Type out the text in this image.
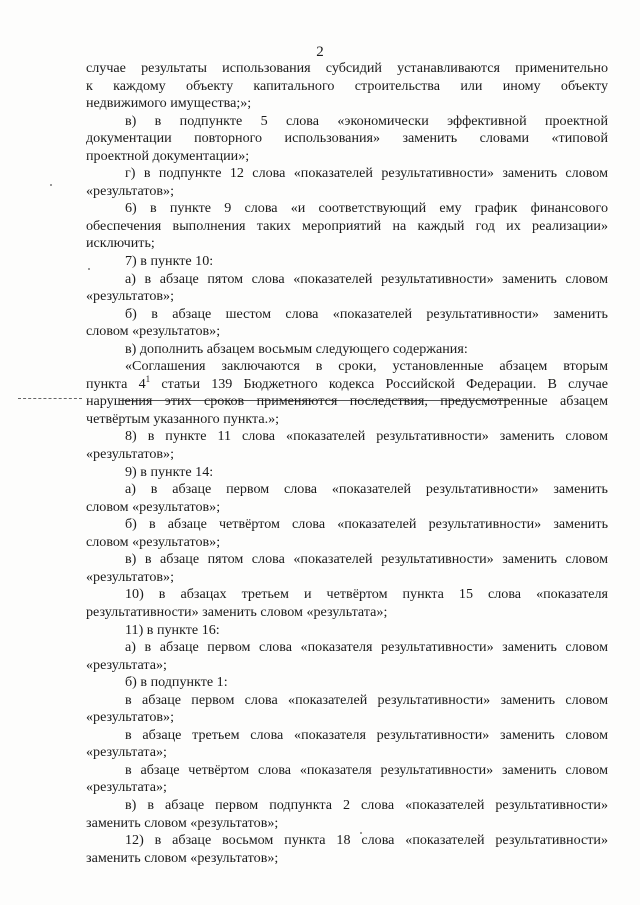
2
случае результаты использования субсидий устанавливаются применительно
к каждому объекту капитального строительства или иному объекту
недвижимого имущества;»;
в) в подпункте 5 слова «экономически эффективной проектной
документации повторного использования» заменить словами «типовой
проектной документации»;
г) в подпункте 12 слова «показателей результативности» заменить словом
«результатов»;
6) в пункте 9 слова «и соответствующий ему график финансового
обеспечения выполнения таких мероприятий на каждый год их реализации»
исключить;
7) в пункте 10:
а) в абзаце пятом слова «показателей результативности» заменить словом
«результатов»;
б) в абзаце шестом слова «показателей результативности» заменить
словом «результатов»;
в) дополнить абзацем восьмым следующего содержания:
«Соглашения заключаются в сроки, установленные абзацем вторым
пункта $4^1$ статьи 139 Бюджетного кодекса Российской Федерации. В случае
нарушения этих сроков применяются последствия, предусмотренные абзацем
четвёртым указанного пункта.»;
8) в пункте 11 слова «показателей результативности» заменить словом
«результатов»;
9) в пункте 14:
а) в абзаце первом слова «показателей результативности» заменить
словом «результатов»;
б) в абзаце четвёртом слова «показателей результативности» заменить
словом «результатов»;
в) в абзаце пятом слова «показателей результативности» заменить словом
«результатов»;
10) в абзацах третьем и четвёртом пункта 15 слова «показателя
результативности» заменить словом «результата»;
11) в пункте 16:
а) в абзаце первом слова «показателя результативности» заменить словом
«результата»;
б) в подпункте 1:
в абзаце первом слова «показателей результативности» заменить словом
«результатов»;
в абзаце третьем слова «показателя результативности» заменить словом
«результата»;
в абзаце четвёртом слова «показателя результативности» заменить словом
«результата»;
в) в абзаце первом подпункта 2 слова «показателей результативности»
заменить словом «результатов»;
12) в абзаце восьмом пункта 18 слова «показателей результативности»
заменить словом «результатов»;
